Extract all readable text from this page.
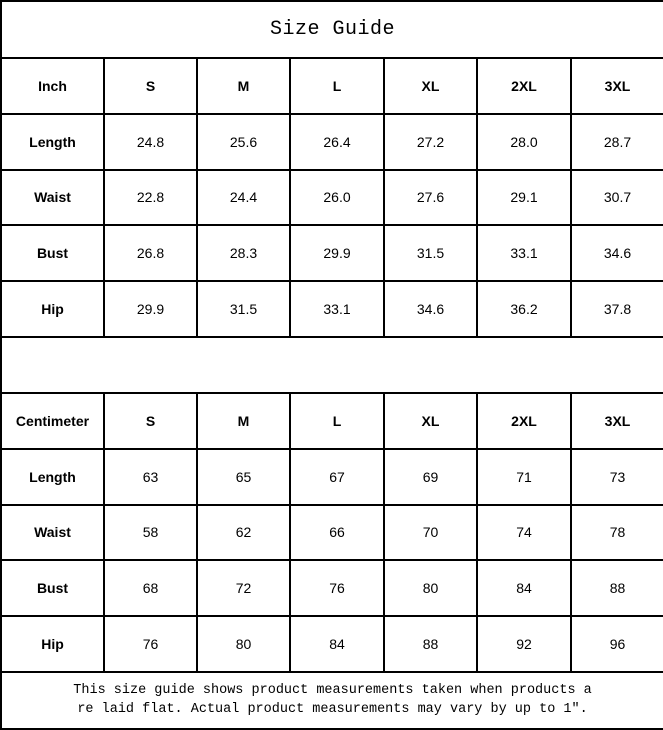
Size Guide						
Inch	S	M	L	XL	2XL	3XL
Length	24.8	25.6	26.4	27.2	28.0	28.7
Waist	22.8	24.4	26.0	27.6	29.1	30.7
Bust	26.8	28.3	29.9	31.5	33.1	34.6
Hip	29.9	31.5	33.1	34.6	36.2	37.8

Centimeter	S	M	L	XL	2XL	3XL
Length	63	65	67	69	71	73
Waist	58	62	66	70	74	78
Bust	68	72	76	80	84	88
Hip	76	80	84	88	92	96

This size guide shows product measurements taken when products a
re laid flat. Actual product measurements may vary by up to 1″.						
